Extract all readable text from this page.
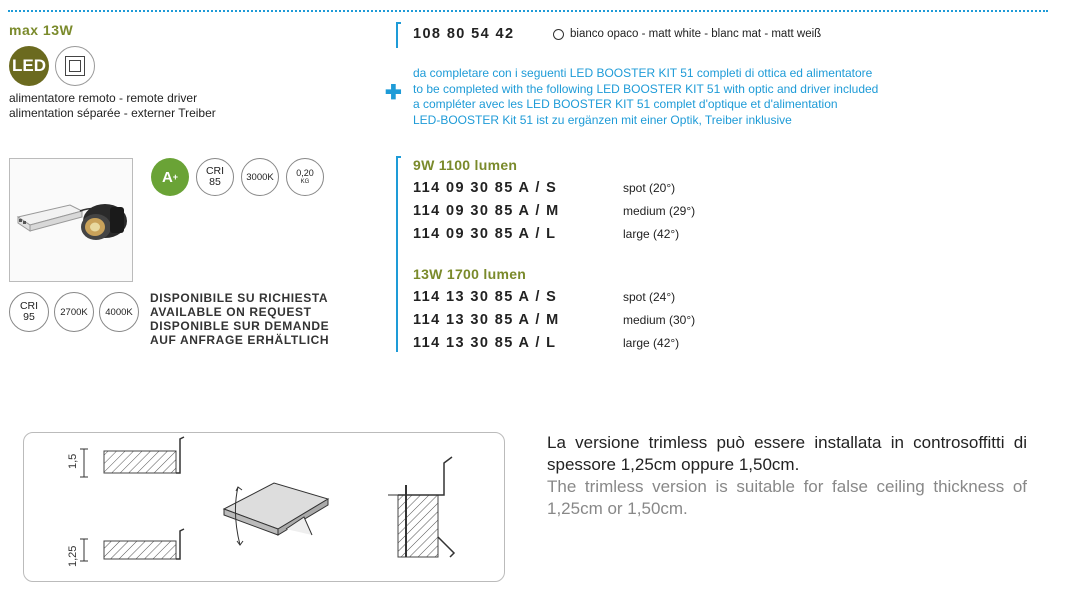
max 13W
LED
alimentatore remoto - remote driver
alimentation séparée - externer Treiber
A +	CRI
85	3000K	0,20
KG
CRI
95	2700K	4000K
DISPONIBILE SU RICHIESTA
AVAILABLE ON REQUEST
DISPONIBLE SUR DEMANDE
AUF ANFRAGE ERHÄLTLICH
108 80 54 42	bianco opaco - matt white - blanc mat - matt weiß
✚
da completare con i seguenti LED BOOSTER KIT 51 completi di ottica ed alimentatore
to be completed with the following LED BOOSTER KIT 51 with optic and driver included
a compléter avec les LED BOOSTER KIT 51 complet d'optique et d'alimentation
LED-BOOSTER Kit 51 ist zu ergänzen mit einer Optik, Treiber inklusive
9W 1100 lumen
114 09 30 85 A / S	spot (20°)
114 09 30 85 A / M	medium (29°)
114 09 30 85 A / L	large (42°)
13W 1700 lumen
114 13 30 85 A / S	spot (24°)
114 13 30 85 A / M	medium (30°)
114 13 30 85 A / L	large (42°)
1,5
1,25
La versione trimless può essere installata in controsoffitti di spessore 1,25cm oppure 1,50cm.
The trimless version is suitable for false ceiling thickness of 1,25cm or 1,50cm.
